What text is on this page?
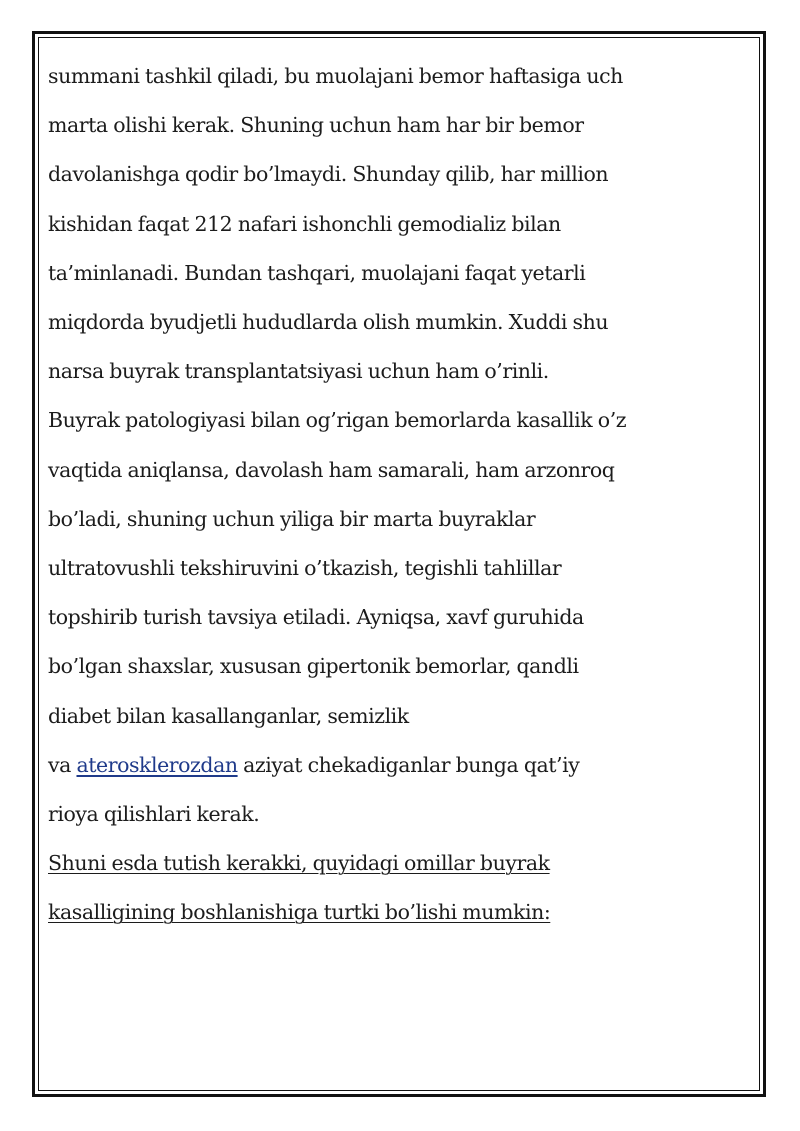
summani tashkil qiladi, bu muolajani bemor haftasiga uch
marta olishi kerak. Shuning uchun ham har bir bemor
davolanishga qodir bo’lmaydi. Shunday qilib, har million
kishidan faqat 212 nafari ishonchli gemodializ bilan
ta’minlanadi. Bundan tashqari, muolajani faqat yetarli
miqdorda byudjetli hududlarda olish mumkin. Xuddi shu
narsa buyrak transplantatsiyasi uchun ham o’rinli.
Buyrak patologiyasi bilan og’rigan bemorlarda kasallik o’z
vaqtida aniqlansa, davolash ham samarali, ham arzonroq
bo’ladi, shuning uchun yiliga bir marta buyraklar
ultratovushli tekshiruvini o’tkazish, tegishli tahlillar
topshirib turish tavsiya etiladi. Ayniqsa, xavf guruhida
bo’lgan shaxslar, xususan gipertonik bemorlar, qandli
diabet bilan kasallanganlar, semizlik
va aterosklerozdan aziyat chekadiganlar bunga qat’iy
rioya qilishlari kerak.
Shuni esda tutish kerakki, quyidagi omillar buyrak
kasalligining boshlanishiga turtki bo’lishi mumkin:
